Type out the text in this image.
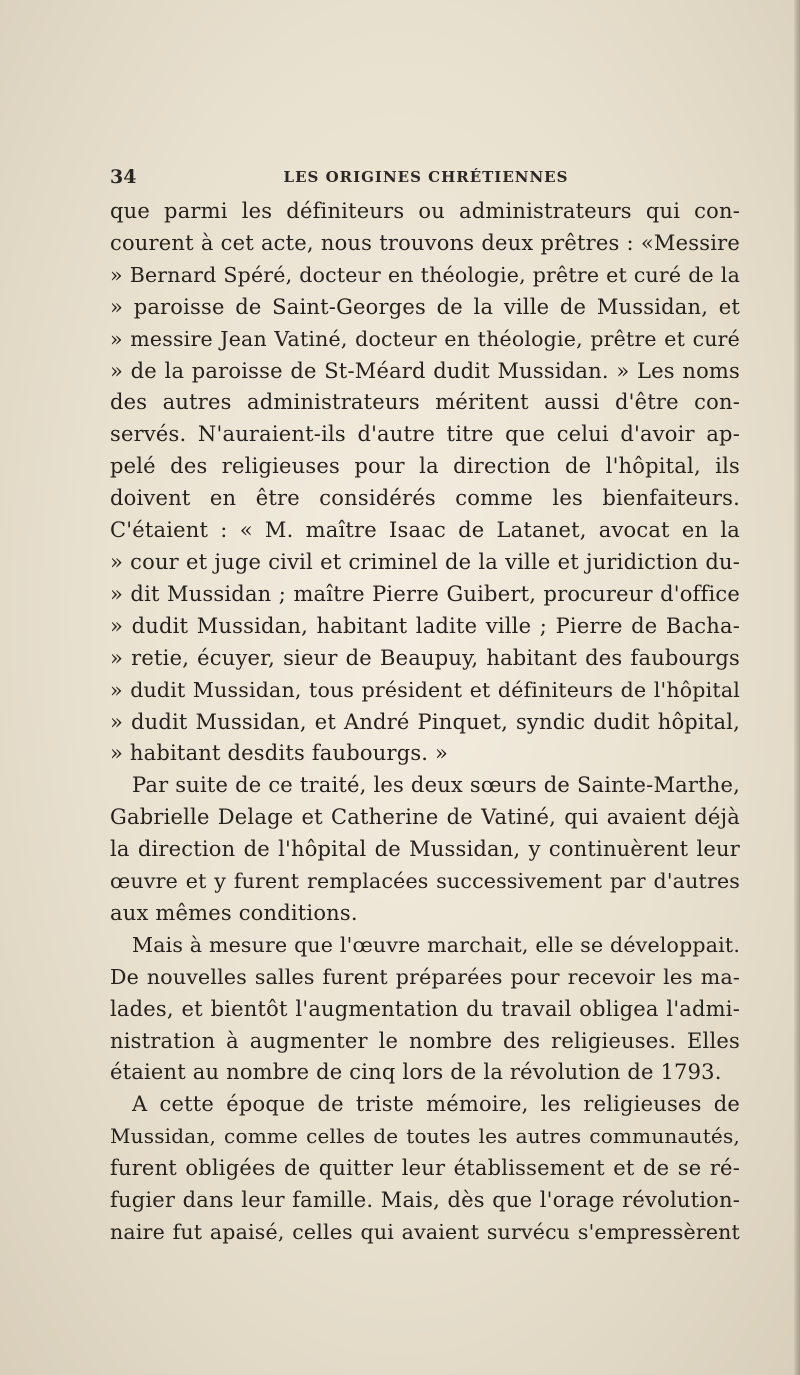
34	LES ORIGINES CHRÉTIENNES
que parmi les définiteurs ou administrateurs qui con-
courent à cet acte, nous trouvons deux prêtres : «Messire
» Bernard Spéré, docteur en théologie, prêtre et curé de la
» paroisse de Saint-Georges de la ville de Mussidan, et
» messire Jean Vatiné, docteur en théologie, prêtre et curé
» de la paroisse de St-Méard dudit Mussidan. » Les noms
des autres administrateurs méritent aussi d'être con-
servés. N'auraient-ils d'autre titre que celui d'avoir ap-
pelé des religieuses pour la direction de l'hôpital, ils
doivent en être considérés comme les bienfaiteurs.
C'étaient : « M. maître Isaac de Latanet, avocat en la
» cour et juge civil et criminel de la ville et juridiction du-
» dit Mussidan ; maître Pierre Guibert, procureur d'office
» dudit Mussidan, habitant ladite ville ; Pierre de Bacha-
» retie, écuyer, sieur de Beaupuy, habitant des faubourgs
» dudit Mussidan, tous président et définiteurs de l'hôpital
» dudit Mussidan, et André Pinquet, syndic dudit hôpital,
» habitant desdits faubourgs. »
Par suite de ce traité, les deux sœurs de Sainte-Marthe,
Gabrielle Delage et Catherine de Vatiné, qui avaient déjà
la direction de l'hôpital de Mussidan, y continuèrent leur
œuvre et y furent remplacées successivement par d'autres
aux mêmes conditions.
Mais à mesure que l'œuvre marchait, elle se développait.
De nouvelles salles furent préparées pour recevoir les ma-
lades, et bientôt l'augmentation du travail obligea l'admi-
nistration à augmenter le nombre des religieuses. Elles
étaient au nombre de cinq lors de la révolution de 1793.
A cette époque de triste mémoire, les religieuses de
Mussidan, comme celles de toutes les autres communautés,
furent obligées de quitter leur établissement et de se ré-
fugier dans leur famille. Mais, dès que l'orage révolution-
naire fut apaisé, celles qui avaient survécu s'empressèrent
